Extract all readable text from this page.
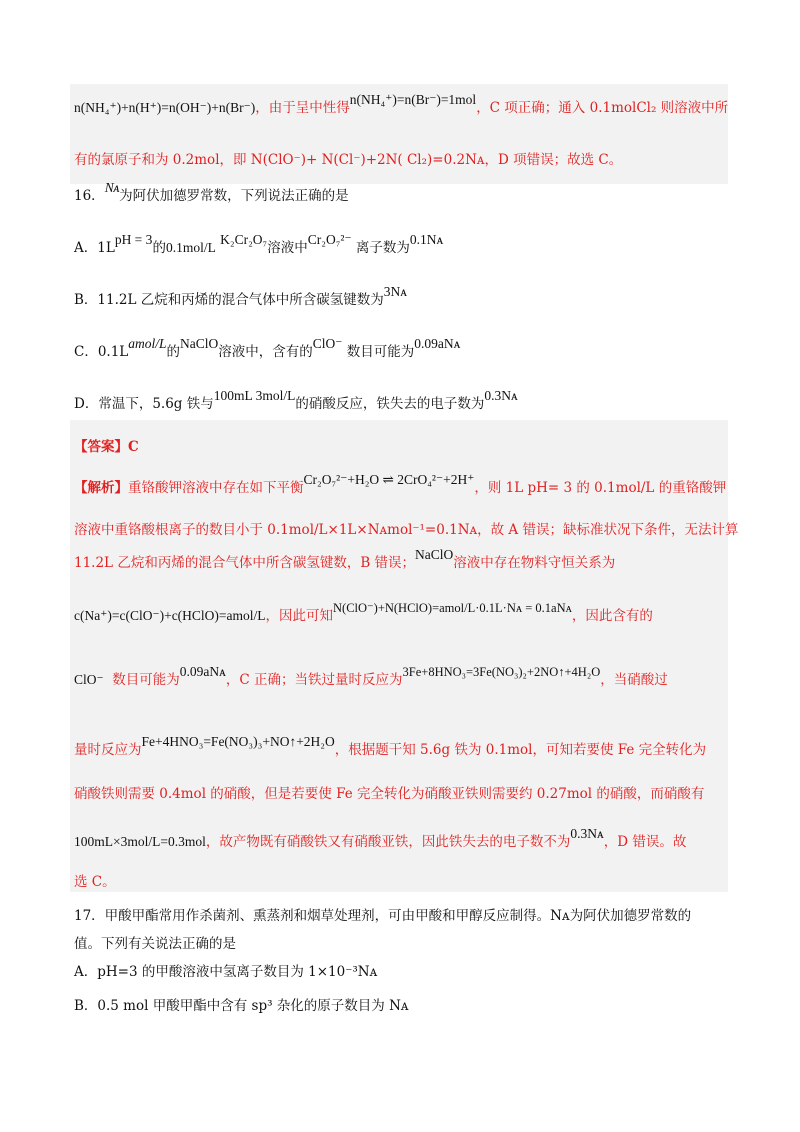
n(NH₄⁺)+n(H⁺)=n(OH⁻)+n(Br⁻)，由于呈中性得n(NH₄⁺)=n(Br⁻)=1mol，C 项正确；通入 0.1molCl₂ 则溶液中所
有的氯原子和为 0.2mol，即 N(ClO⁻)+ N(Cl⁻)+2N( Cl₂)=0.2Nᴀ，D 项错误；故选 C。
16．Nᴀ为阿伏加德罗常数，下列说法正确的是
A．1LpH = 3的0.1mol/L K₂Cr₂O₇溶液中Cr₂O₇²⁻ 离子数为0.1Nᴀ
B．11.2L 乙烷和丙烯的混合气体中所含碳氢键数为3Nᴀ
C．0.1Lamol/L的NaClO溶液中，含有的ClO⁻ 数目可能为0.09aNᴀ
D．常温下，5.6g 铁与100mL 3mol/L的硝酸反应，铁失去的电子数为0.3Nᴀ
【答案】C
【解析】重铬酸钾溶液中存在如下平衡Cr₂O₇²⁻+H₂O ⇌ 2CrO₄²⁻+2H⁺，则 1L pH= 3 的 0.1mol/L 的重铬酸钾
溶液中重铬酸根离子的数目小于 0.1mol/L×1L×Nᴀmol⁻¹=0.1Nᴀ，故 A 错误；缺标准状况下条件，无法计算
11.2L 乙烷和丙烯的混合气体中所含碳氢键数，B 错误；NaClO溶液中存在物料守恒关系为
c(Na⁺)=c(ClO⁻)+c(HClO)=amol/L，因此可知N(ClO⁻)+N(HClO)=amol/L·0.1L·Nᴀ = 0.1aNᴀ，因此含有的
ClO⁻ 数目可能为0.09aNᴀ，C 正确；当铁过量时反应为3Fe+8HNO₃=3Fe(NO₃)₂+2NO↑+4H₂O，当硝酸过
量时反应为Fe+4HNO₃=Fe(NO₃)₃+NO↑+2H₂O，根据题干知 5.6g 铁为 0.1mol，可知若要使 Fe 完全转化为
硝酸铁则需要 0.4mol 的硝酸，但是若要使 Fe 完全转化为硝酸亚铁则需要约 0.27mol 的硝酸，而硝酸有
100mL×3mol/L=0.3mol，故产物既有硝酸铁又有硝酸亚铁，因此铁失去的电子数不为0.3Nᴀ，D 错误。故
选 C。
17．甲酸甲酯常用作杀菌剂、熏蒸剂和烟草处理剂，可由甲酸和甲醇反应制得。Nᴀ为阿伏加德罗常数的
值。下列有关说法正确的是
A．pH=3 的甲酸溶液中氢离子数目为 1×10⁻³Nᴀ
B．0.5 mol 甲酸甲酯中含有 sp³ 杂化的原子数目为 Nᴀ
